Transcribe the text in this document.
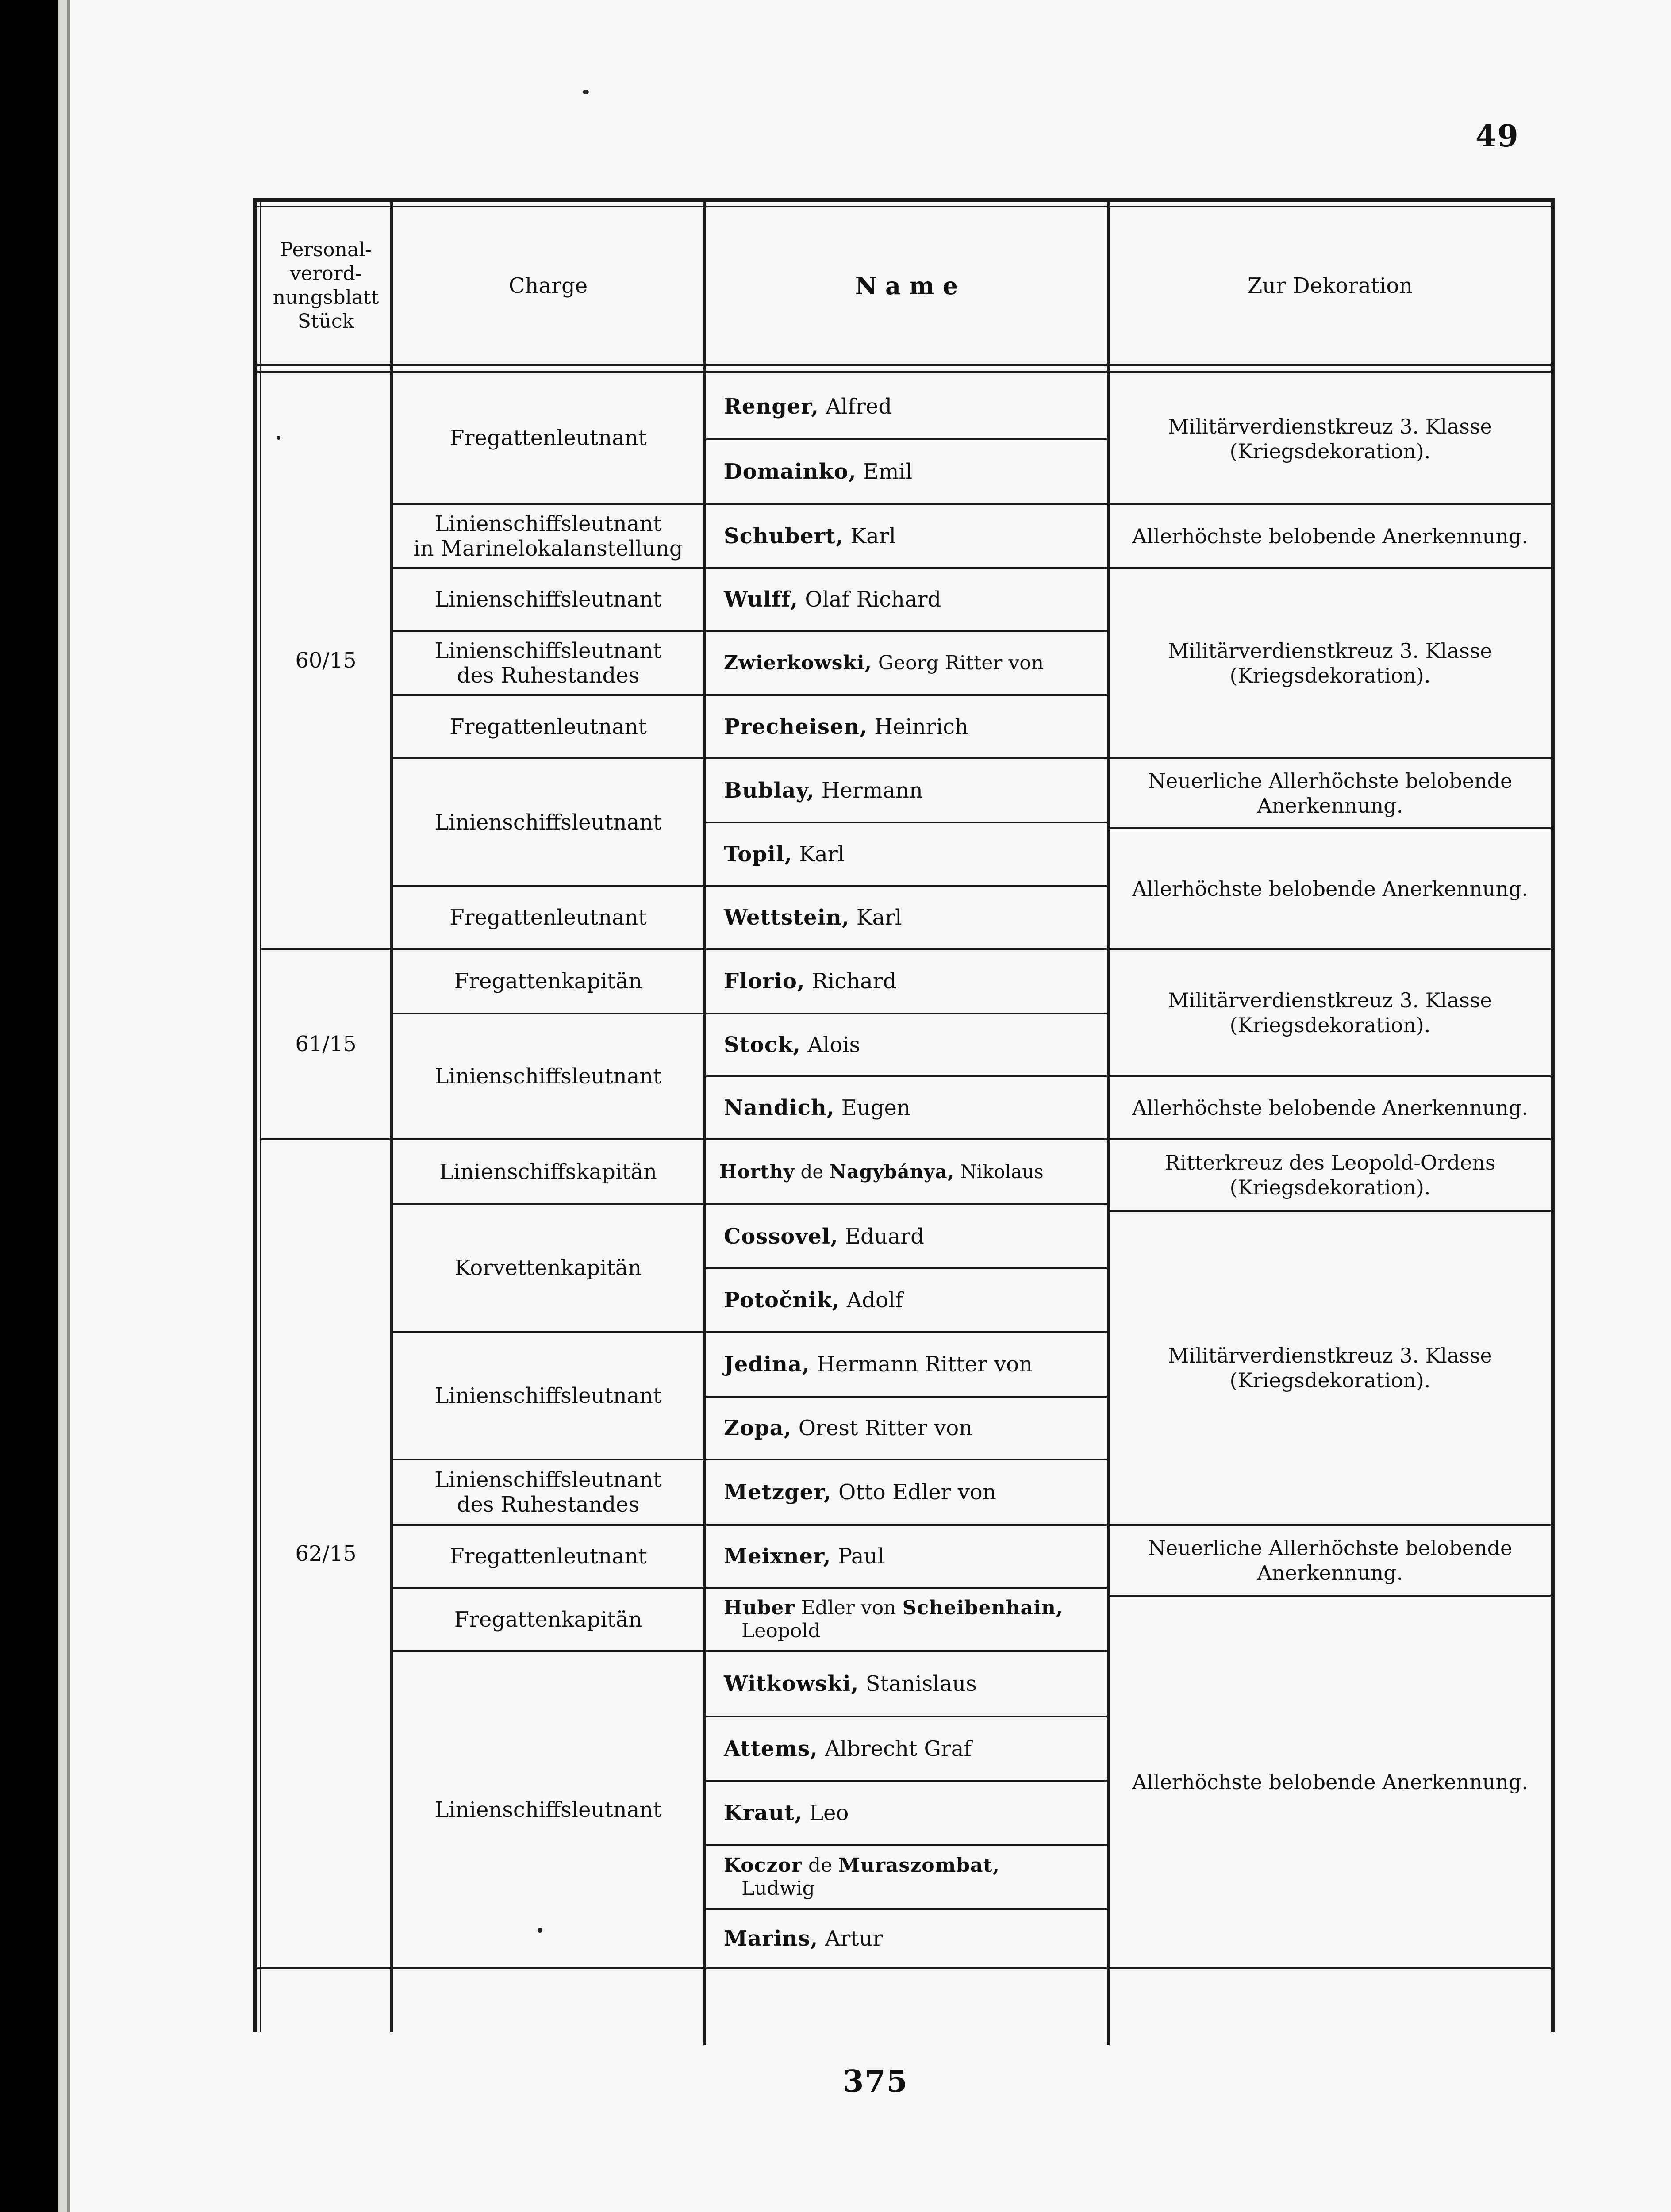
49
375
Personal-
verord-
nungsblatt
Stück
Charge	N a m e	Zur Dekoration
60/15
61/15
62/15
Fregattenleutnant
Linienschiffsleutnant
in Marinelokalanstellung
Linienschiffsleutnant
Linienschiffsleutnant
des Ruhestandes
Fregattenleutnant
Linienschiffsleutnant
Fregattenleutnant
Fregattenkapitän
Linienschiffsleutnant
Linienschiffskapitän
Korvettenkapitän
Linienschiffsleutnant
Linienschiffsleutnant
des Ruhestandes
Fregattenleutnant
Fregattenkapitän
Linienschiffsleutnant
Renger, Alfred
Domainko, Emil
Schubert, Karl
Wulff, Olaf Richard
Zwierkowski, Georg Ritter von
Precheisen, Heinrich
Bublay, Hermann
Topil, Karl
Wettstein, Karl
Florio, Richard
Stock, Alois
Nandich, Eugen
Horthy de Nagybánya, Nikolaus
Cossovel, Eduard
Potočnik, Adolf
Jedina, Hermann Ritter von
Zopa, Orest Ritter von
Metzger, Otto Edler von
Meixner, Paul
Huber Edler von Scheibenhain,
Leopold
Witkowski, Stanislaus
Attems, Albrecht Graf
Kraut, Leo
Koczor de Muraszombat,
Ludwig
Marins, Artur
Militärverdienstkreuz 3. Klasse
(Kriegsdekoration).
Allerhöchste belobende Anerkennung.
Militärverdienstkreuz 3. Klasse
(Kriegsdekoration).
Neuerliche Allerhöchste belobende
Anerkennung.
Allerhöchste belobende Anerkennung.
Militärverdienstkreuz 3. Klasse
(Kriegsdekoration).
Allerhöchste belobende Anerkennung.
Ritterkreuz des Leopold-Ordens
(Kriegsdekoration).
Militärverdienstkreuz 3. Klasse
(Kriegsdekoration).
Neuerliche Allerhöchste belobende
Anerkennung.
Allerhöchste belobende Anerkennung.
